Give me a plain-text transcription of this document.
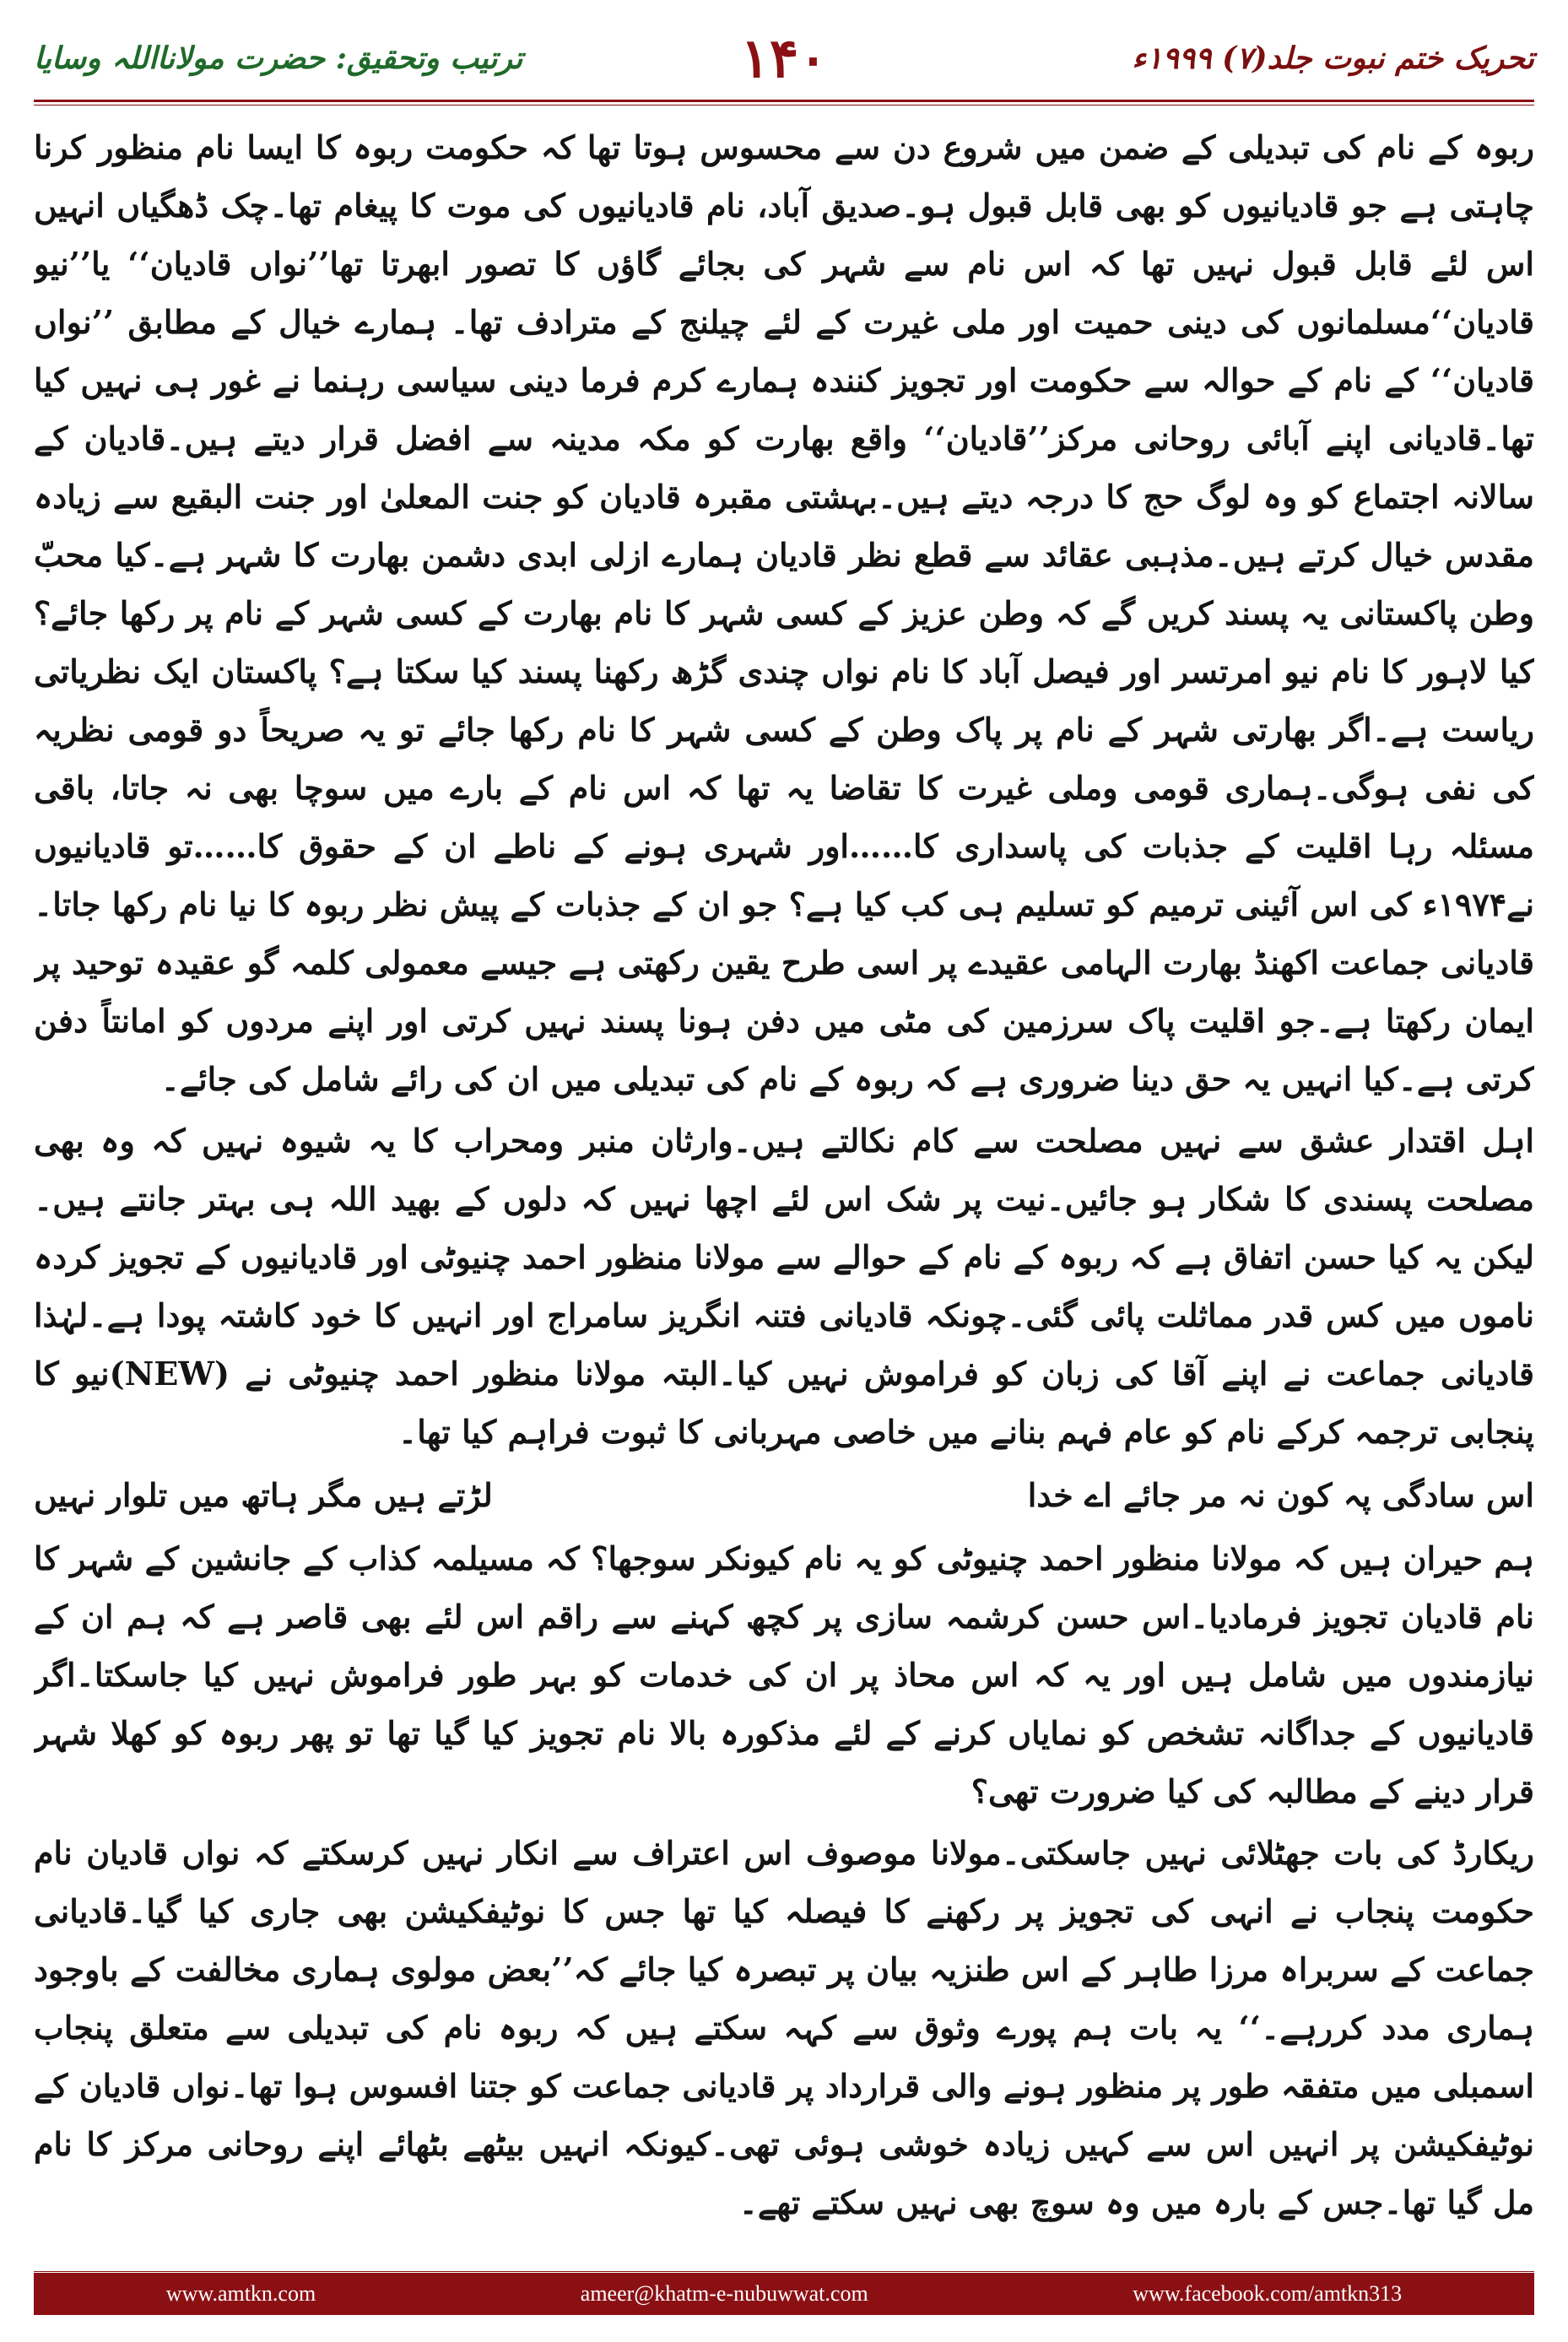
تحریک ختم نبوت جلد(۷) ۱۹۹۹ء
۱۴۰
ترتیب وتحقیق: حضرت مولانااللہ وسایا

ربوہ کے نام کی تبدیلی کے ضمن میں شروع دن سے محسوس ہوتا تھا کہ حکومت ربوہ کا ایسا نام منظور کرنا چاہتی ہے جو قادیانیوں کو بھی قابل قبول ہو۔صدیق آباد، نام قادیانیوں کی موت کا پیغام تھا۔چک ڈھگیاں انہیں اس لئے قابل قبول نہیں تھا کہ اس نام سے شہر کی بجائے گاؤں کا تصور ابھرتا تھا’’نواں قادیان‘‘ یا’’نیو قادیان‘‘مسلمانوں کی دینی حمیت اور ملی غیرت کے لئے چیلنج کے مترادف تھا۔ ہمارے خیال کے مطابق ’’نواں قادیان‘‘ کے نام کے حوالہ سے حکومت اور تجویز کنندہ ہمارے کرم فرما دینی سیاسی رہنما نے غور ہی نہیں کیا تھا۔قادیانی اپنے آبائی روحانی مرکز’’قادیان‘‘ واقع بھارت کو مکہ مدینہ سے افضل قرار دیتے ہیں۔قادیان کے سالانہ اجتماع کو وہ لوگ حج کا درجہ دیتے ہیں۔بہشتی مقبرہ قادیان کو جنت المعلیٰ اور جنت البقیع سے زیادہ مقدس خیال کرتے ہیں۔مذہبی عقائد سے قطع نظر قادیان ہمارے ازلی ابدی دشمن بھارت کا شہر ہے۔کیا محبّ وطن پاکستانی یہ پسند کریں گے کہ وطن عزیز کے کسی شہر کا نام بھارت کے کسی شہر کے نام پر رکھا جائے؟ کیا لاہور کا نام نیو امرتسر اور فیصل آباد کا نام نواں چندی گڑھ رکھنا پسند کیا سکتا ہے؟ پاکستان ایک نظریاتی ریاست ہے۔اگر بھارتی شہر کے نام پر پاک وطن کے کسی شہر کا نام رکھا جائے تو یہ صریحاً دو قومی نظریہ کی نفی ہوگی۔ہماری قومی وملی غیرت کا تقاضا یہ تھا کہ اس نام کے بارے میں سوچا بھی نہ جاتا، باقی مسئلہ رہا اقلیت کے جذبات کی پاسداری کا……اور شہری ہونے کے ناطے ان کے حقوق کا……تو قادیانیوں نے۱۹۷۴ء کی اس آئینی ترمیم کو تسلیم ہی کب کیا ہے؟ جو ان کے جذبات کے پیش نظر ربوہ کا نیا نام رکھا جاتا۔قادیانی جماعت اکھنڈ بھارت الہامی عقیدے پر اسی طرح یقین رکھتی ہے جیسے معمولی کلمہ گو عقیدہ توحید پر ایمان رکھتا ہے۔جو اقلیت پاک سرزمین کی مٹی میں دفن ہونا پسند نہیں کرتی اور اپنے مردوں کو امانتاً دفن کرتی ہے۔کیا انہیں یہ حق دینا ضروری ہے کہ ربوہ کے نام کی تبدیلی میں ان کی رائے شامل کی جائے۔

اہل اقتدار عشق سے نہیں مصلحت سے کام نکالتے ہیں۔وارثان منبر ومحراب کا یہ شیوہ نہیں کہ وہ بھی مصلحت پسندی کا شکار ہو جائیں۔نیت پر شک اس لئے اچھا نہیں کہ دلوں کے بھید اللہ ہی بہتر جانتے ہیں۔لیکن یہ کیا حسن اتفاق ہے کہ ربوہ کے نام کے حوالے سے مولانا منظور احمد چنیوٹی اور قادیانیوں کے تجویز کردہ ناموں میں کس قدر مماثلت پائی گئی۔چونکہ قادیانی فتنہ انگریز سامراج اور انہیں کا خود کاشتہ پودا ہے۔لہٰذا قادیانی جماعت نے اپنے آقا کی زبان کو فراموش نہیں کیا۔البتہ مولانا منظور احمد چنیوٹی نے (NEW)نیو کا پنجابی ترجمہ کرکے نام کو عام فہم بنانے میں خاصی مہربانی کا ثبوت فراہم کیا تھا۔

اس سادگی پہ کون نہ مر جائے اے خدا
لڑتے ہیں مگر ہاتھ میں تلوار نہیں

ہم حیران ہیں کہ مولانا منظور احمد چنیوٹی کو یہ نام کیونکر سوجھا؟ کہ مسیلمہ کذاب کے جانشین کے شہر کا نام قادیان تجویز فرمادیا۔اس حسن کرشمہ سازی پر کچھ کہنے سے راقم اس لئے بھی قاصر ہے کہ ہم ان کے نیازمندوں میں شامل ہیں اور یہ کہ اس محاذ پر ان کی خدمات کو بہر طور فراموش نہیں کیا جاسکتا۔اگر قادیانیوں کے جداگانہ تشخص کو نمایاں کرنے کے لئے مذکورہ بالا نام تجویز کیا گیا تھا تو پھر ربوہ کو کھلا شہر قرار دینے کے مطالبہ کی کیا ضرورت تھی؟

ریکارڈ کی بات جھٹلائی نہیں جاسکتی۔مولانا موصوف اس اعتراف سے انکار نہیں کرسکتے کہ نواں قادیان نام حکومت پنجاب نے انہی کی تجویز پر رکھنے کا فیصلہ کیا تھا جس کا نوٹیفکیشن بھی جاری کیا گیا۔قادیانی جماعت کے سربراہ مرزا طاہر کے اس طنزیہ بیان پر تبصرہ کیا جائے کہ’’بعض مولوی ہماری مخالفت کے باوجود ہماری مدد کررہے۔‘‘ یہ بات ہم پورے وثوق سے کہہ سکتے ہیں کہ ربوہ نام کی تبدیلی سے متعلق پنجاب اسمبلی میں متفقہ طور پر منظور ہونے والی قرارداد پر قادیانی جماعت کو جتنا افسوس ہوا تھا۔نواں قادیان کے نوٹیفکیشن پر انہیں اس سے کہیں زیادہ خوشی ہوئی تھی۔کیونکہ انہیں بیٹھے بٹھائے اپنے روحانی مرکز کا نام مل گیا تھا۔جس کے بارہ میں وہ سوچ بھی نہیں سکتے تھے۔

www.amtkn.com	ameer@khatm-e-nubuwwat.com	www.facebook.com/amtkn313
